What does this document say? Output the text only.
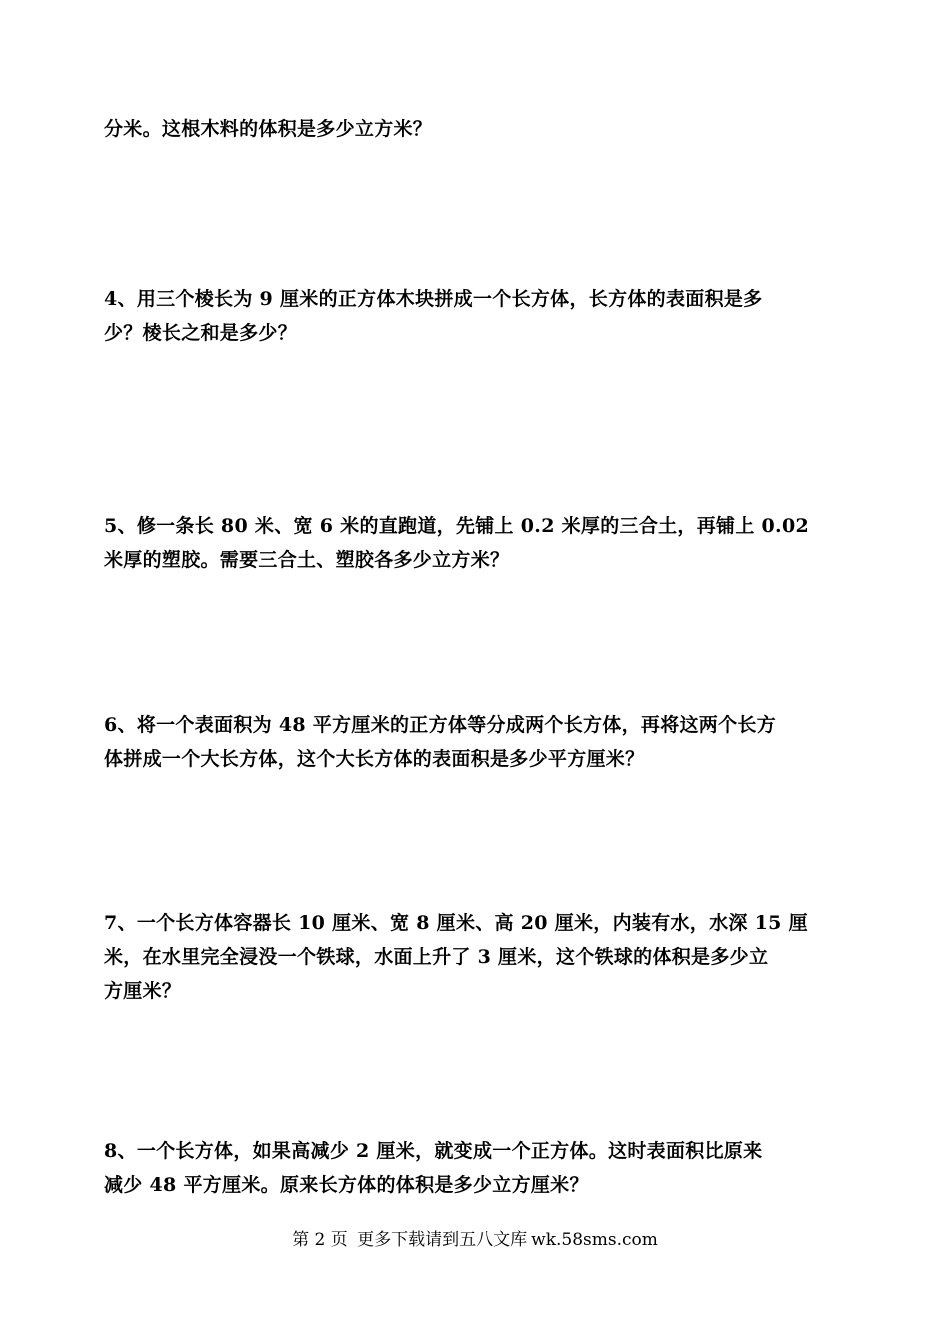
分米。这根木料的体积是多少立方米？
4、用三个棱长为 9 厘米的正方体木块拼成一个长方体，长方体的表面积是多
少？棱长之和是多少？
5、修一条长 80 米、宽 6 米的直跑道，先铺上 0.2 米厚的三合土，再铺上 0.02
米厚的塑胶。需要三合土、塑胶各多少立方米？
6、将一个表面积为 48 平方厘米的正方体等分成两个长方体，再将这两个长方
体拼成一个大长方体，这个大长方体的表面积是多少平方厘米？
7、一个长方体容器长 10 厘米、宽 8 厘米、高 20 厘米，内装有水，水深 15 厘
米，在水里完全浸没一个铁球，水面上升了 3 厘米，这个铁球的体积是多少立
方厘米？
8、一个长方体，如果高减少 2 厘米，就变成一个正方体。这时表面积比原来
减少 48 平方厘米。原来长方体的体积是多少立方厘米？
第 2 页 更多下载请到五八文库 wk.58sms.com
